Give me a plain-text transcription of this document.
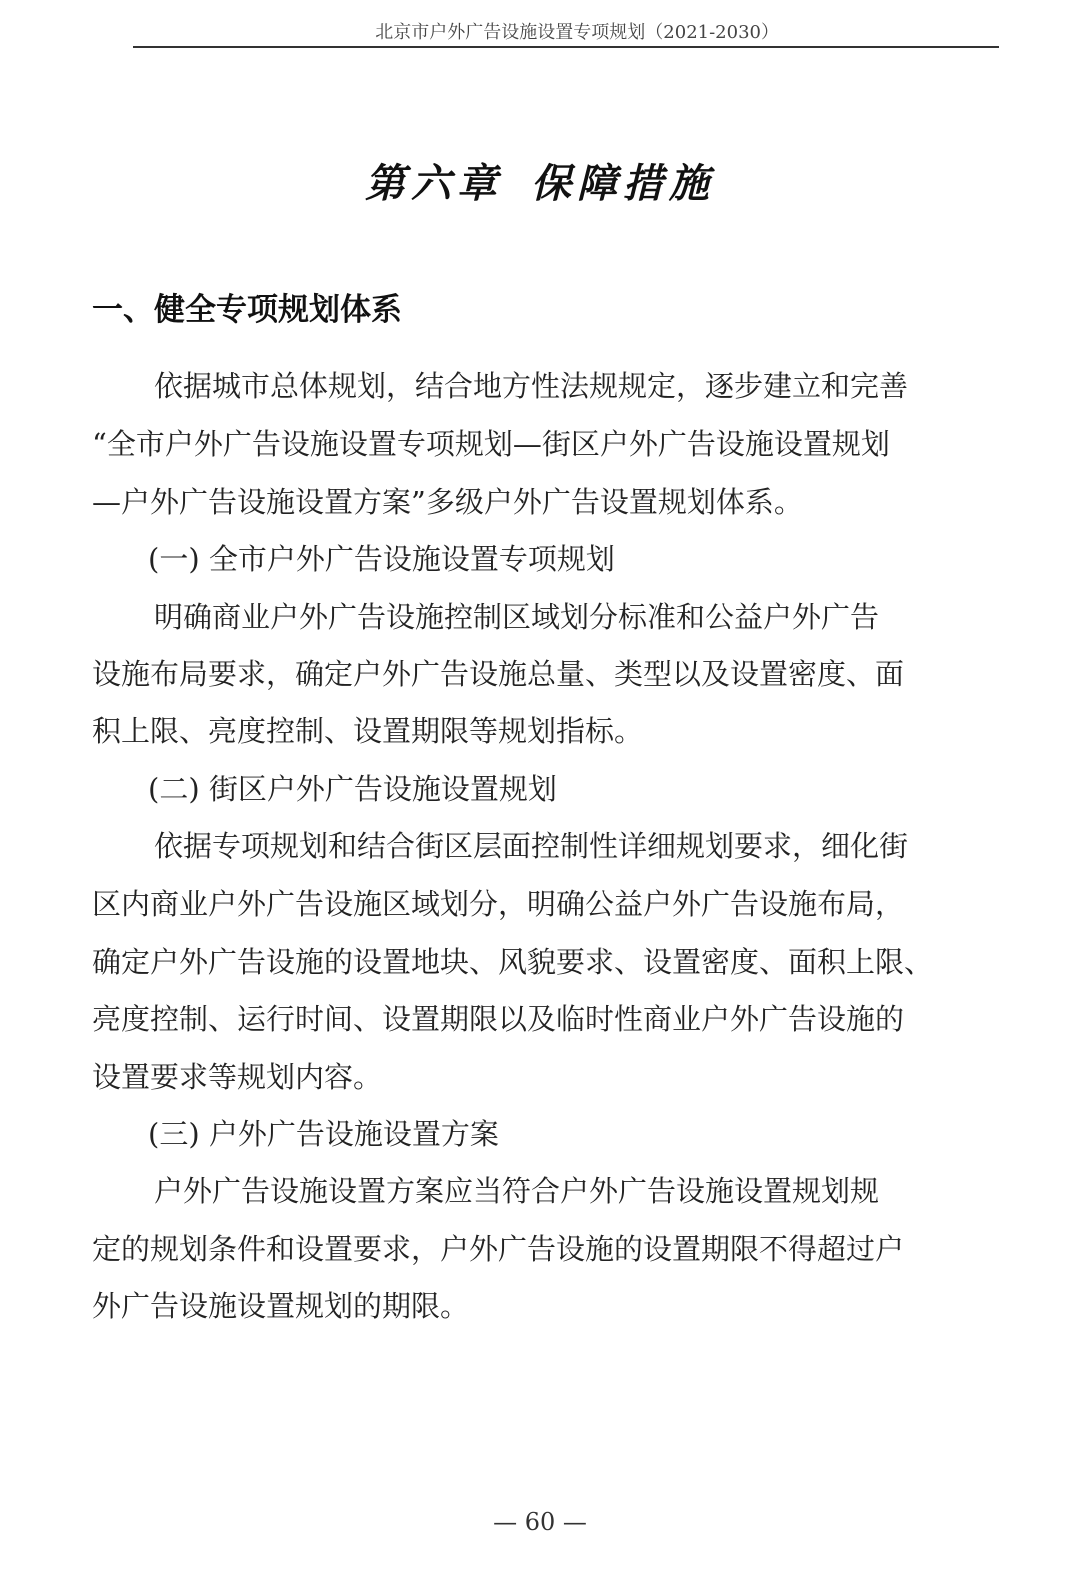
北京市户外广告设施设置专项规划（2021-2030）
第六章 保障措施
一、健全专项规划体系
依据城市总体规划，结合地方性法规规定，逐步建立和完善
“全市户外广告设施设置专项规划—街区户外广告设施设置规划
—户外广告设施设置方案”多级户外广告设置规划体系。
(一) 全市户外广告设施设置专项规划
明确商业户外广告设施控制区域划分标准和公益户外广告
设施布局要求，确定户外广告设施总量、类型以及设置密度、面
积上限、亮度控制、设置期限等规划指标。
(二) 街区户外广告设施设置规划
依据专项规划和结合街区层面控制性详细规划要求，细化街
区内商业户外广告设施区域划分，明确公益户外广告设施布局，
确定户外广告设施的设置地块、风貌要求、设置密度、面积上限、
亮度控制、运行时间、设置期限以及临时性商业户外广告设施的
设置要求等规划内容。
(三) 户外广告设施设置方案
户外广告设施设置方案应当符合户外广告设施设置规划规
定的规划条件和设置要求，户外广告设施的设置期限不得超过户
外广告设施设置规划的期限。
— 60 —
